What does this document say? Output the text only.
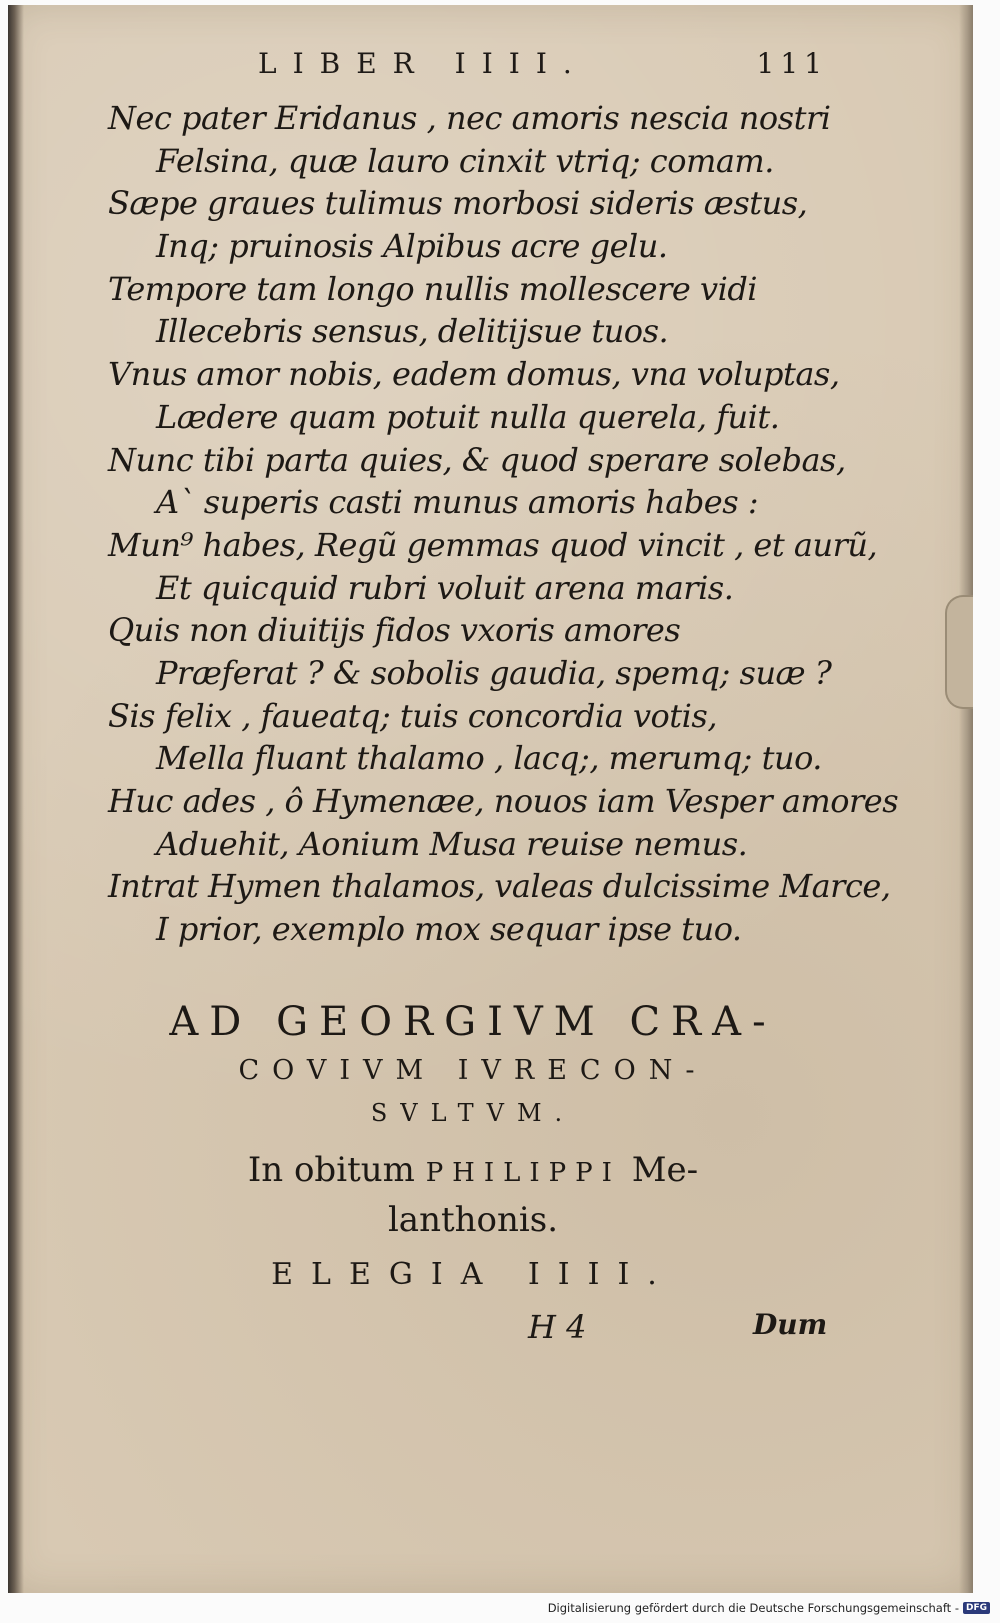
LIBER IIII.	111
Nec pater Eridanus , nec amoris nescia nostri
Felsina, quæ lauro cinxit vtriq; comam.
Sæpe graues tulimus morbosi sideris æstus,
Inq; pruinosis Alpibus acre gelu.
Tempore tam longo nullis mollescere vidi
Illecebris sensus, delitijsue tuos.
Vnus amor nobis, eadem domus, vna voluptas,
Lædere quam potuit nulla querela, fuit.
Nunc tibi parta quies, & quod sperare solebas,
A` superis casti munus amoris habes :
Mun⁹ habes, Regũ gemmas quod vincit , et aurũ,
Et quicquid rubri voluit arena maris.
Quis non diuitijs fidos vxoris amores
Præferat ? & sobolis gaudia, spemq; suæ ?
Sis felix , faueatq; tuis concordia votis,
Mella fluant thalamo , lacq;, merumq; tuo.
Huc ades , ô Hymenæe, nouos iam Vesper amores
Aduehit, Aonium Musa reuise nemus.
Intrat Hymen thalamos, valeas dulcissime Marce,
I prior, exemplo mox sequar ipse tuo.
AD GEORGIVM CRA-
COVIVM IVRECON-
SVLTVM.
In obitum PHILIPPI Me-
lanthonis.
ELEGIA IIII.
H 4	Dum
Digitalisierung gefördert durch die Deutsche Forschungsgemeinschaft - DFG
